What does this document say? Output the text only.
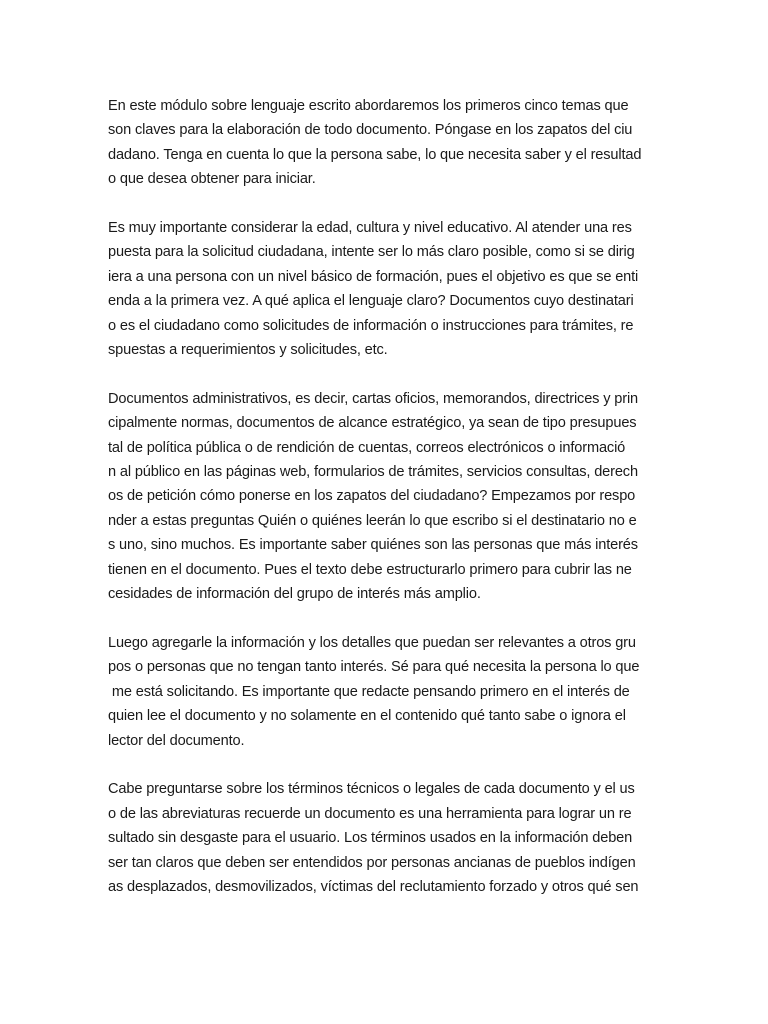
En este módulo sobre lenguaje escrito abordaremos los primeros cinco temas que
son claves para la elaboración de todo documento. Póngase en los zapatos del ciu
dadano. Tenga en cuenta lo que la persona sabe, lo que necesita saber y el resultad
o que desea obtener para iniciar.
Es muy importante considerar la edad, cultura y nivel educativo. Al atender una res
puesta para la solicitud ciudadana, intente ser lo más claro posible, como si se dirig
iera a una persona con un nivel básico de formación, pues el objetivo es que se enti
enda a la primera vez. A qué aplica el lenguaje claro? Documentos cuyo destinatari
o es el ciudadano como solicitudes de información o instrucciones para trámites, re
spuestas a requerimientos y solicitudes, etc.
Documentos administrativos, es decir, cartas oficios, memorandos, directrices y prin
cipalmente normas, documentos de alcance estratégico, ya sean de tipo presupues
tal de política pública o de rendición de cuentas, correos electrónicos o informació
n al público en las páginas web, formularios de trámites, servicios consultas, derech
os de petición cómo ponerse en los zapatos del ciudadano? Empezamos por respo
nder a estas preguntas Quién o quiénes leerán lo que escribo si el destinatario no e
s uno, sino muchos. Es importante saber quiénes son las personas que más interés
tienen en el documento. Pues el texto debe estructurarlo primero para cubrir las ne
cesidades de información del grupo de interés más amplio.
Luego agregarle la información y los detalles que puedan ser relevantes a otros gru
pos o personas que no tengan tanto interés. Sé para qué necesita la persona lo que
me está solicitando. Es importante que redacte pensando primero en el interés de
quien lee el documento y no solamente en el contenido qué tanto sabe o ignora el
lector del documento.
Cabe preguntarse sobre los términos técnicos o legales de cada documento y el us
o de las abreviaturas recuerde un documento es una herramienta para lograr un re
sultado sin desgaste para el usuario. Los términos usados en la información deben
ser tan claros que deben ser entendidos por personas ancianas de pueblos indígen
as desplazados, desmovilizados, víctimas del reclutamiento forzado y otros qué sen
